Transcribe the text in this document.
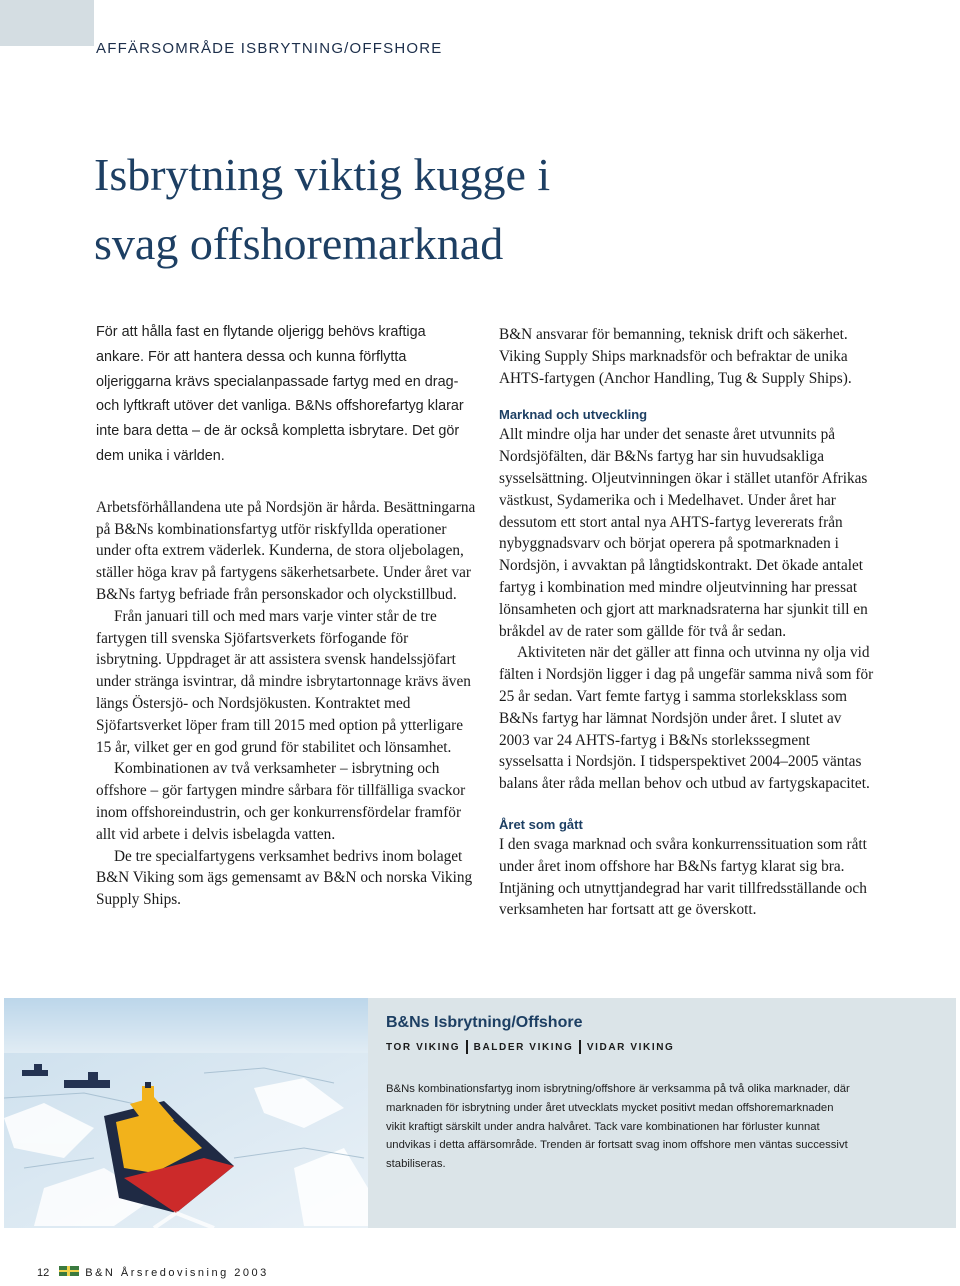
AFFÄRSOMRÅDE ISBRYTNING/OFFSHORE
Isbrytning viktig kugge i
svag offshoremarknad

För att hålla fast en flytande oljerigg behövs kraftiga ankare. För att hantera dessa och kunna förflytta oljeriggarna krävs specialanpassade fartyg med en drag- och lyftkraft utöver det vanliga. B&Ns offshorefartyg klarar inte bara detta – de är också kompletta isbrytare. Det gör dem unika i världen.

Arbetsförhållandena ute på Nordsjön är hårda. Besättningarna på B&Ns kombinationsfartyg utför riskfyllda operationer under ofta extrem väderlek. Kunderna, de stora oljebolagen, ställer höga krav på fartygens säkerhetsarbete. Under året var B&Ns fartyg befriade från personskador och olyckstillbud.

Från januari till och med mars varje vinter står de tre fartygen till svenska Sjöfartsverkets förfogande för isbrytning. Uppdraget är att assistera svensk handelssjöfart under stränga isvintrar, då mindre isbrytartonnage krävs även längs Östersjö- och Nordsjökusten. Kontraktet med Sjöfartsverket löper fram till 2015 med option på ytterligare 15 år, vilket ger en god grund för stabilitet och lönsamhet.

Kombinationen av två verksamheter – isbrytning och offshore – gör fartygen mindre sårbara för tillfälliga svackor inom offshoreindustrin, och ger konkurrensfördelar framför allt vid arbete i delvis isbelagda vatten.

De tre specialfartygens verksamhet bedrivs inom bolaget B&N Viking som ägs gemensamt av B&N och norska Viking Supply Ships.

B&N ansvarar för bemanning, teknisk drift och säkerhet. Viking Supply Ships marknadsför och befraktar de unika AHTS-fartygen (Anchor Handling, Tug & Supply Ships).

Marknad och utveckling

Allt mindre olja har under det senaste året utvunnits på Nordsjöfälten, där B&Ns fartyg har sin huvudsakliga sysselsättning. Oljeutvinningen ökar i stället utanför Afrikas västkust, Sydamerika och i Medelhavet. Under året har dessutom ett stort antal nya AHTS-fartyg levererats från nybyggnadsvarv och börjat operera på spotmarknaden i Nordsjön, i avvaktan på långtidskontrakt. Det ökade antalet fartyg i kombination med mindre oljeutvinning har pressat lönsamheten och gjort att marknadsraterna har sjunkit till en bråkdel av de rater som gällde för två år sedan.

Aktiviteten när det gäller att finna och utvinna ny olja vid fälten i Nordsjön ligger i dag på ungefär samma nivå som för 25 år sedan. Vart femte fartyg i samma storleksklass som B&Ns fartyg har lämnat Nordsjön under året. I slutet av 2003 var 24 AHTS-fartyg i B&Ns storlekssegment sysselsatta i Nordsjön. I tidsperspektivet 2004–2005 väntas balans åter råda mellan behov och utbud av fartygskapacitet.

Året som gått

I den svaga marknad och svåra konkurrenssituation som rått under året inom offshore har B&Ns fartyg klarat sig bra. Intjäning och utnyttjandegrad har varit tillfredsställande och verksamheten har fortsatt att ge överskott.

B&Ns Isbrytning/Offshore
TOR VIKING BALDER VIKING VIDAR VIKING
B&Ns kombinationsfartyg inom isbrytning/offshore är verksamma på två olika marknader, där marknaden för isbrytning under året utvecklats mycket positivt medan offshoremarknaden vikit kraftigt särskilt under andra halvåret. Tack vare kombinationen har förluster kunnat undvikas i detta affärsområde. Trenden är fortsatt svag inom offshore men väntas successivt stabiliseras.
12	B&N Årsredovisning 2003
